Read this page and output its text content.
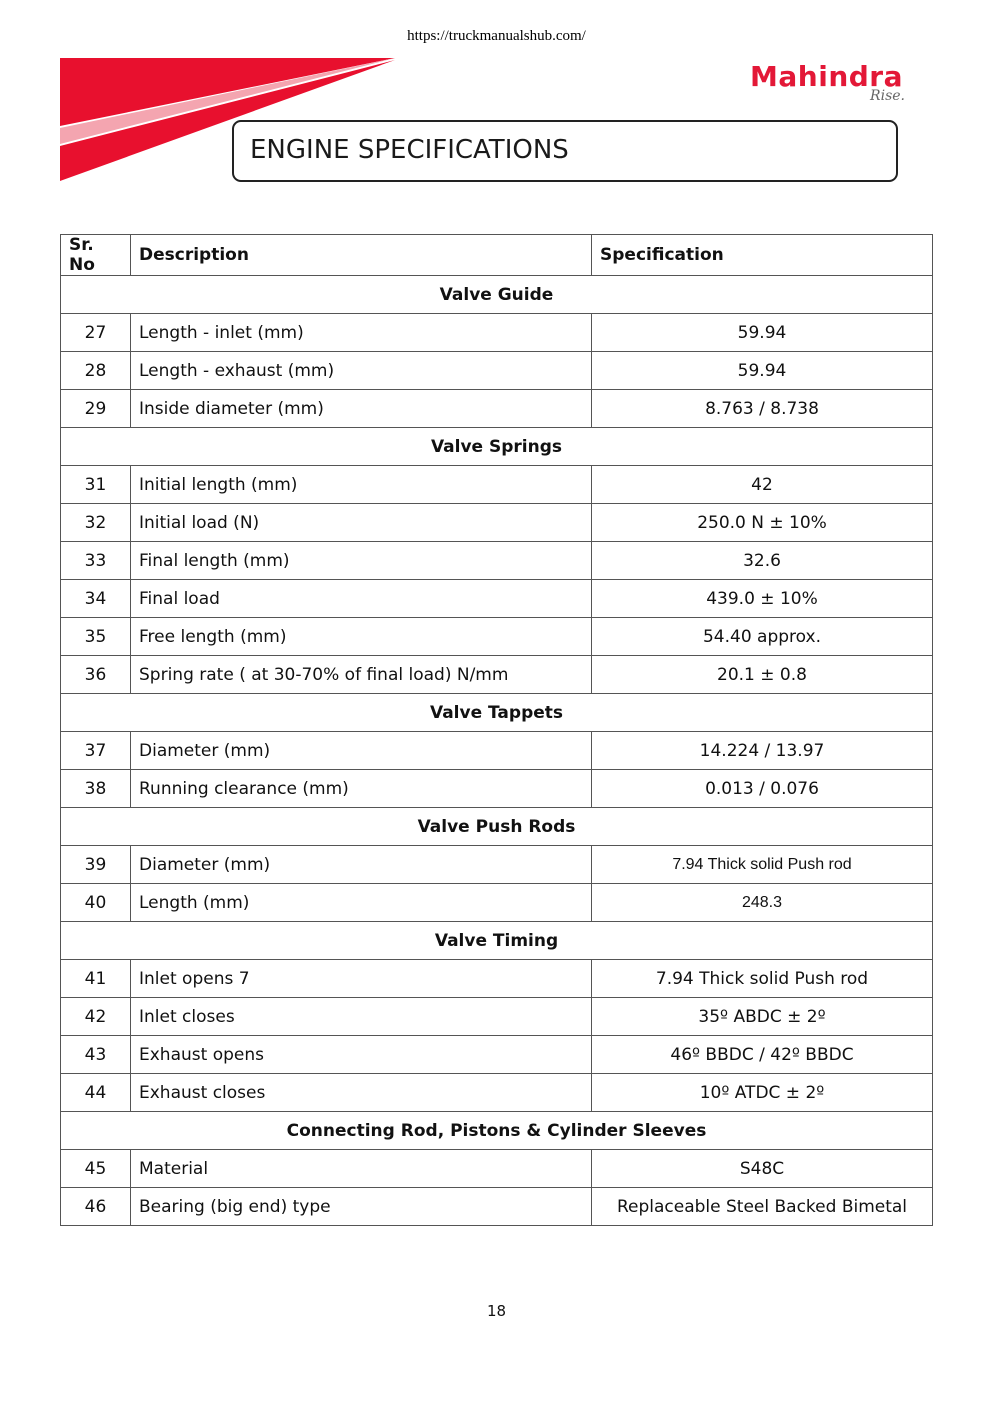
https://truckmanualshub.com/
Mahindra
Rise.
ENGINE SPECIFICATIONS
Sr. No	Description	Specification
Valve Guide		
27	Length - inlet (mm)	59.94
28	Length - exhaust (mm)	59.94
29	Inside diameter (mm)	8.763 / 8.738
Valve Springs		
31	Initial length (mm)	42
32	Initial load (N)	250.0 N ± 10%
33	Final length (mm)	32.6
34	Final load	439.0 ± 10%
35	Free length (mm)	54.40 approx.
36	Spring rate ( at 30-70% of final load) N/mm	20.1 ± 0.8
Valve Tappets		
37	Diameter (mm)	14.224 / 13.97
38	Running clearance (mm)	0.013 / 0.076
Valve Push Rods		
39	Diameter (mm)	7.94 Thick solid Push rod
40	Length (mm)	248.3
Valve Timing		
41	Inlet opens 7	7.94 Thick solid Push rod
42	Inlet closes	35º ABDC ± 2º
43	Exhaust opens	46º BBDC / 42º BBDC
44	Exhaust closes	10º ATDC ± 2º
Connecting Rod, Pistons & Cylinder Sleeves		
45	Material	S48C
46	Bearing (big end) type	Replaceable Steel Backed Bimetal
18
